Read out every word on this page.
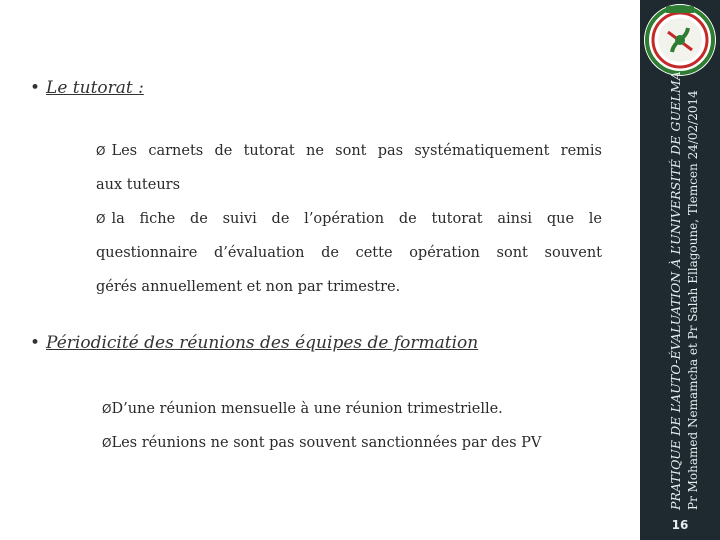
• Le tutorat :
Ø Les carnets de tutorat ne sont pas systématiquement remis
aux tuteurs
Ø la fiche de suivi de l’opération de tutorat ainsi que le
questionnaire d’évaluation de cette opération sont souvent
gérés annuellement et non par trimestre.
• Périodicité des réunions des équipes de formation
ØD’une réunion mensuelle à une réunion trimestrielle.
ØLes réunions ne sont pas souvent sanctionnées par des PV	PRATIQUE DE L’AUTO-ÉVALUATION À L’UNIVERSITÉ DE GUELMA, Pr Mohamed Nemamcha et Pr Salah Ellagoune, Tlemcen 24/02/2014
16
